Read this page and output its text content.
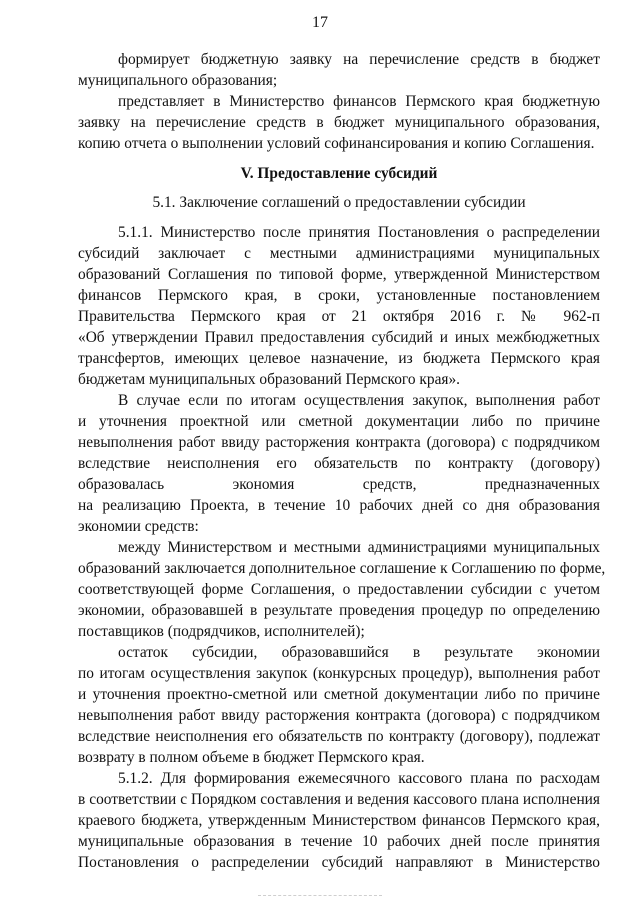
17
формирует бюджетную заявку на перечисление средств в бюджет
муниципального образования;
представляет в Министерство финансов Пермского края бюджетную
заявку на перечисление средств в бюджет муниципального образования,
копию отчета о выполнении условий софинансирования и копию Соглашения.
V. Предоставление субсидий
5.1. Заключение соглашений о предоставлении субсидии
5.1.1. Министерство после принятия Постановления о распределении
субсидий заключает с местными администрациями муниципальных
образований Соглашения по типовой форме, утвержденной Министерством
финансов Пермского края, в сроки, установленные постановлением
Правительства Пермского края от 21 октября 2016 г. № 962-п
«Об утверждении Правил предоставления субсидий и иных межбюджетных
трансфертов, имеющих целевое назначение, из бюджета Пермского края
бюджетам муниципальных образований Пермского края».
В случае если по итогам осуществления закупок, выполнения работ
и уточнения проектной или сметной документации либо по причине
невыполнения работ ввиду расторжения контракта (договора) с подрядчиком
вследствие неисполнения его обязательств по контракту (договору)
образовалась экономия средств, предназначенных
на реализацию Проекта, в течение 10 рабочих дней со дня образования
экономии средств:
между Министерством и местными администрациями муниципальных
образований заключается дополнительное соглашение к Соглашению по форме,
соответствующей форме Соглашения, о предоставлении субсидии с учетом
экономии, образовавшей в результате проведения процедур по определению
поставщиков (подрядчиков, исполнителей);
остаток субсидии, образовавшийся в результате экономии
по итогам осуществления закупок (конкурсных процедур), выполнения работ
и уточнения проектно-сметной или сметной документации либо по причине
невыполнения работ ввиду расторжения контракта (договора) с подрядчиком
вследствие неисполнения его обязательств по контракту (договору), подлежат
возврату в полном объеме в бюджет Пермского края.
5.1.2. Для формирования ежемесячного кассового плана по расходам
в соответствии с Порядком составления и ведения кассового плана исполнения
краевого бюджета, утвержденным Министерством финансов Пермского края,
муниципальные образования в течение 10 рабочих дней после принятия
Постановления о распределении субсидий направляют в Министерство
